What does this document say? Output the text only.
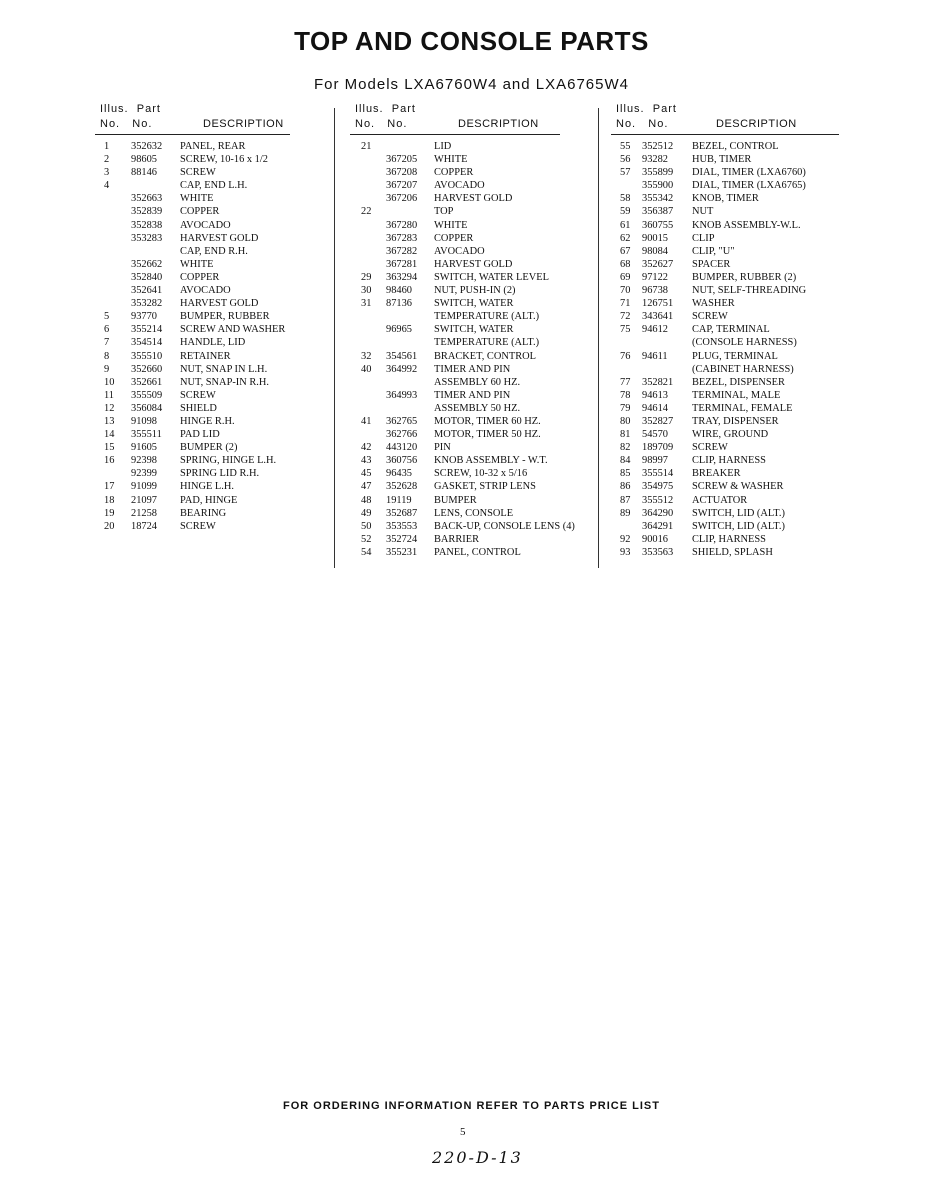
TOP AND CONSOLE PARTS
For Models LXA6760W4 and LXA6765W4
Illus. Part
No. No.	DESCRIPTION
1 352632 PANEL, REAR
2 98605 SCREW, 10-16 x 1/2
3 88146 SCREW
4	CAP, END L.H.
352663 WHITE
352839 COPPER
352838 AVOCADO
353283 HARVEST GOLD
CAP, END R.H.
352662 WHITE
352840 COPPER
352641 AVOCADO
353282 HARVEST GOLD
5 93770 BUMPER, RUBBER
6 355214 SCREW AND WASHER
7 354514 HANDLE, LID
8 355510 RETAINER
9 352660 NUT, SNAP IN L.H.
10 352661 NUT, SNAP-IN R.H.
11 355509 SCREW
12 356084 SHIELD
13 91098 HINGE R.H.
14 355511 PAD LID
15 91605 BUMPER (2)
16 92398 SPRING, HINGE L.H.
92399 SPRING LID R.H.
17 91099 HINGE L.H.
18 21097 PAD, HINGE
19 21258 BEARING
20 18724 SCREW
Illus. Part
No. No.	DESCRIPTION
21	LID
367205 WHITE
367208 COPPER
367207 AVOCADO
367206 HARVEST GOLD
22	TOP
367280 WHITE
367283 COPPER
367282 AVOCADO
367281 HARVEST GOLD
29 363294 SWITCH, WATER LEVEL
30 98460 NUT, PUSH-IN (2)
31 87136 SWITCH, WATER
TEMPERATURE (ALT.)
96965 SWITCH, WATER
TEMPERATURE (ALT.)
32 354561 BRACKET, CONTROL
40 364992 TIMER AND PIN
ASSEMBLY 60 HZ.
364993 TIMER AND PIN
ASSEMBLY 50 HZ.
41 362765 MOTOR, TIMER 60 HZ.
362766 MOTOR, TIMER 50 HZ.
42 443120 PIN
43 360756 KNOB ASSEMBLY - W.T.
45 96435 SCREW, 10-32 x 5/16
47 352628 GASKET, STRIP LENS
48 19119 BUMPER
49 352687 LENS, CONSOLE
50 353553 BACK-UP, CONSOLE LENS (4)
52 352724 BARRIER
54 355231 PANEL, CONTROL
Illus. Part
No. No.	DESCRIPTION
55 352512 BEZEL, CONTROL
56 93282 HUB, TIMER
57 355899 DIAL, TIMER (LXA6760)
355900 DIAL, TIMER (LXA6765)
58 355342 KNOB, TIMER
59 356387 NUT
61 360755 KNOB ASSEMBLY-W.L.
62 90015 CLIP
67 98084 CLIP, "U"
68 352627 SPACER
69 97122 BUMPER, RUBBER (2)
70 96738 NUT, SELF-THREADING
71 126751 WASHER
72 343641 SCREW
75 94612 CAP, TERMINAL
(CONSOLE HARNESS)
76 94611 PLUG, TERMINAL
(CABINET HARNESS)
77 352821 BEZEL, DISPENSER
78 94613 TERMINAL, MALE
79 94614 TERMINAL, FEMALE
80 352827 TRAY, DISPENSER
81 54570 WIRE, GROUND
82 189709 SCREW
84 98997 CLIP, HARNESS
85 355514 BREAKER
86 354975 SCREW & WASHER
87 355512 ACTUATOR
89 364290 SWITCH, LID (ALT.)
364291 SWITCH, LID (ALT.)
92 90016 CLIP, HARNESS
93 353563 SHIELD, SPLASH
FOR ORDERING INFORMATION REFER TO PARTS PRICE LIST
5
220-D-13
